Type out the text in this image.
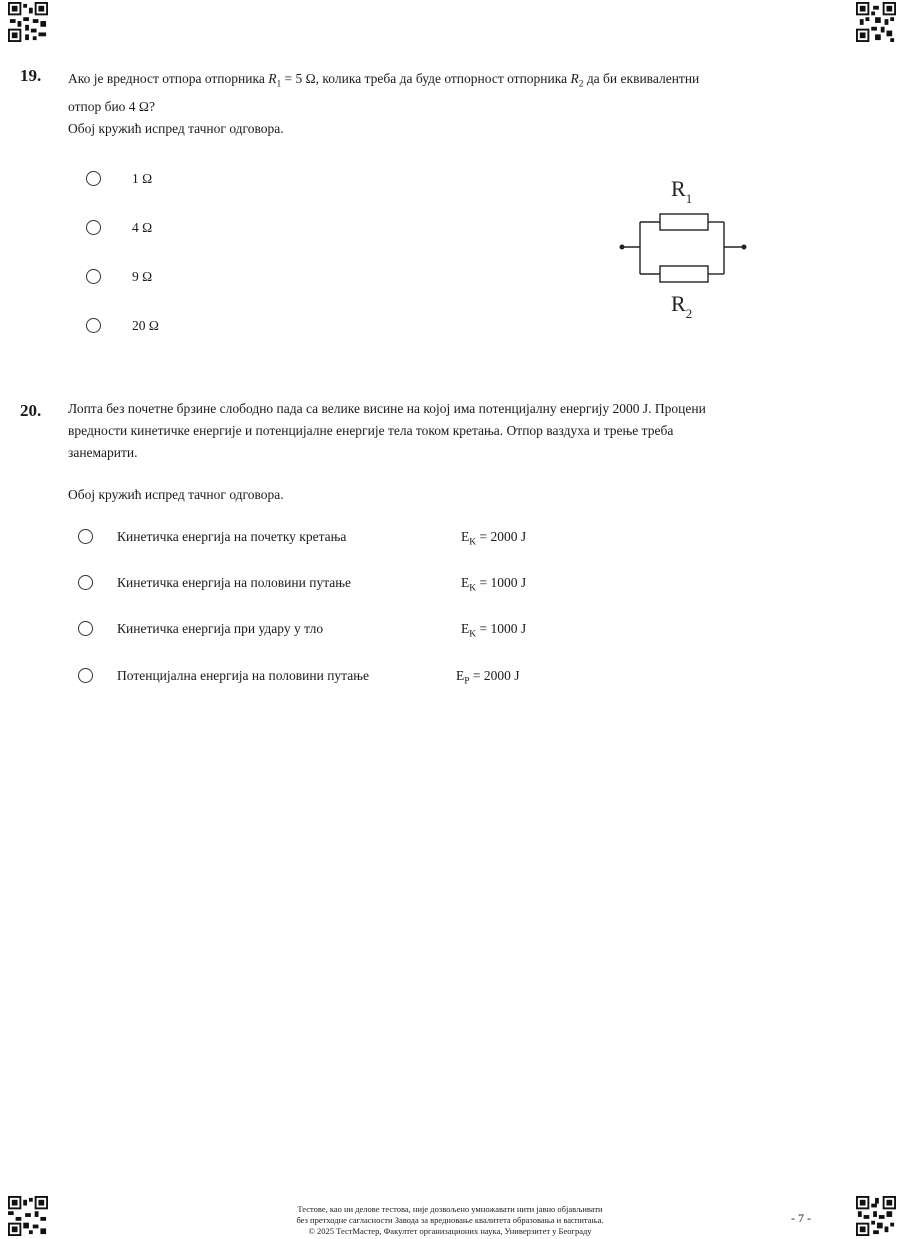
19. Ако је вредност отпора отпорника $R_1 = 5$ Ω, колика треба да буде отпорност отпорника $R_2$ да би еквивалентни

отпор био 4 Ω?

Обој кружић испред тачног одговора.

1 Ω
4 Ω
9 Ω
20 Ω
$R_1$
$R_2$
20. Лопта без почетне брзине слободно пада са велике висине на којој има потенцијалну енергију 2000 J. Процени

вредности кинетичке енергије и потенцијалне енергије тела током кретања. Отпор ваздуха и трење треба

занемарити.

Обој кружић испред тачног одговора.
Кинетичка енергија на почетку кретања	$E_K = 2000$ J
Кинетичка енергија на половини путање	$E_K = 1000$ J
Кинетичка енергија при удару у тло	$E_K = 1000$ J
Потенцијална енергија на половини путање	$E_P = 2000$ J
Тестове, као ни делове тестова, није дозвољено умножавати нити јавно објављивати
без претходне сагласности Завода за вредновање квалитета образовања и васпитања.
© 2025 ТестМастер, Факултет организационих наука, Универзитет у Београду
- 7 -
